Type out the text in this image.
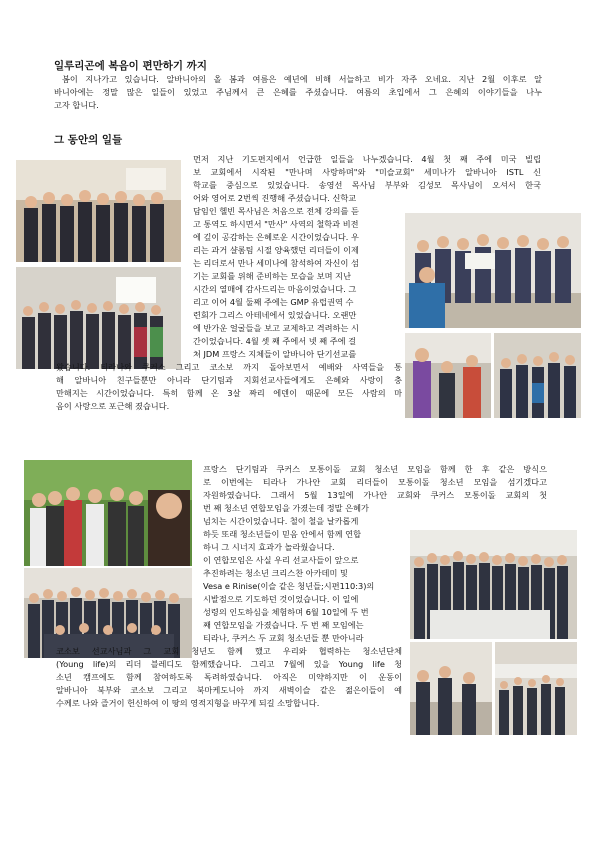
일루리곤에 복음이 편만하기 까지
봄이 지나가고 있습니다. 알바니아의 올 봄과 여름은 예년에 비해 서늘하고 비가 자주 오네요. 지난 2월 이후로 알
바니아에는 정말 많은 일들이 있었고 주님께서 큰 은혜를 주셨습니다. 여름의 초입에서 그 은혜의 이야기들을 나누
고자 합니다.
그 동안의 일들
먼저 지난 기도편지에서 언급한 일들을 나누겠습니다. 4월 첫 째 주에 미국 빌립
보 교회에서 시작된 "만나며 사랑하며"와 "미슬교회" 세미나가 알바니아 ISTL 신
학교를 중심으로 있었습니다. 송영선 목사님 부부와 김성모 목사님이 오셔서 한국
어와 영어로 2번씩 진행해 주셨습니다. 신학교
담임인 헬빈 목사님은 처음으로 전체 강의를 듣
고 통역도 하시면서 "만사" 사역의 철학과 비전
에 깊이 공감하는 은혜로운 시간이었습니다. 우
리는 과거 샬롬팀 시절 양육했던 리더들이 이제
는 리더로서 만나 세미나에 참석하여 자신이 섬
기는 교회를 위해 준비하는 모습을 보며 지난
시간의 열매에 감사드리는 마음이었습니다. 그
리고 이어 4월 둘째 주에는 GMP 유럽권역 수
련회가 그리스 아테네에서 있었습니다. 오랜만
에 반가운 얼굴들을 보고 교제하고 격려하는 시
간이었습니다. 4월 셋 째 주에서 넷 째 주에 걸
쳐 JDM 프랑스 지체들이 알바니아 단기선교를
왔습니다. 티라나와 쿠커스 그리고 코소보 까지 돌아보면서 예배와 사역들을 통
해 알바니아 친구들뿐만 아니라 단기팀과 지회선교사들에게도 은혜와 사랑이 충
만해지는 시간이었습니다. 특히 함께 온 3살 짜리 에덴이 때문에 모든 사람의 마
음이 사랑으로 포근해 졌습니다.
프랑스 단기팀과 쿠커스 모통이돌 교회 청소년 모임을 함께 한 후 같은 방식으
로 이번에는 티라나 가나안 교회 리더들이 모통이돌 청소년 모임을 섬기겠다고
자원하였습니다. 그래서 5월 13일에 가나안 교회와 쿠커스 모통이돌 교회의 첫
번 째 청소년 연합모임을 가졌는데 정말 은혜가
넘치는 시간이었습니다. 철이 철을 날카롭게
하듯 또래 청소년들이 믿음 안에서 함께 연합
하니 그 시너지 효과가 놀라웠습니다.
이 연합모임은 사실 우리 선교사들이 앞으로
추진하려는 청소년 크리스찬 아카데미 및
Vesa e Rinise(이슬 같은 청년들;시편110:3)의
시발점으로 기도하던 것이었습니다. 이 일에
성령의 인도하심을 체험하며 6월 10일에 두 번
째 연합모임을 가졌습니다. 두 번 째 모임에는
티라나, 쿠커스 두 교회 청소년들 뿐 만아니라
코소보 선교사님과 그 교회 청년도 함께 했고 우리와 협력하는 청소년단체
(Young life)의 리더 블레디도 함께했습니다. 그리고 7월에 있을 Young life 청
소년 캠프에도 함께 참여하도록 독려하였습니다. 아직은 미약하지만 이 운동이
알바니아 북부와 코소보 그리고 북마케도니아 까지 새벽이슬 같은 젊은이들이 예
수께로 나와 즐거이 헌신하여 이 땅의 영적지형을 바꾸게 되길 소망합니다.
